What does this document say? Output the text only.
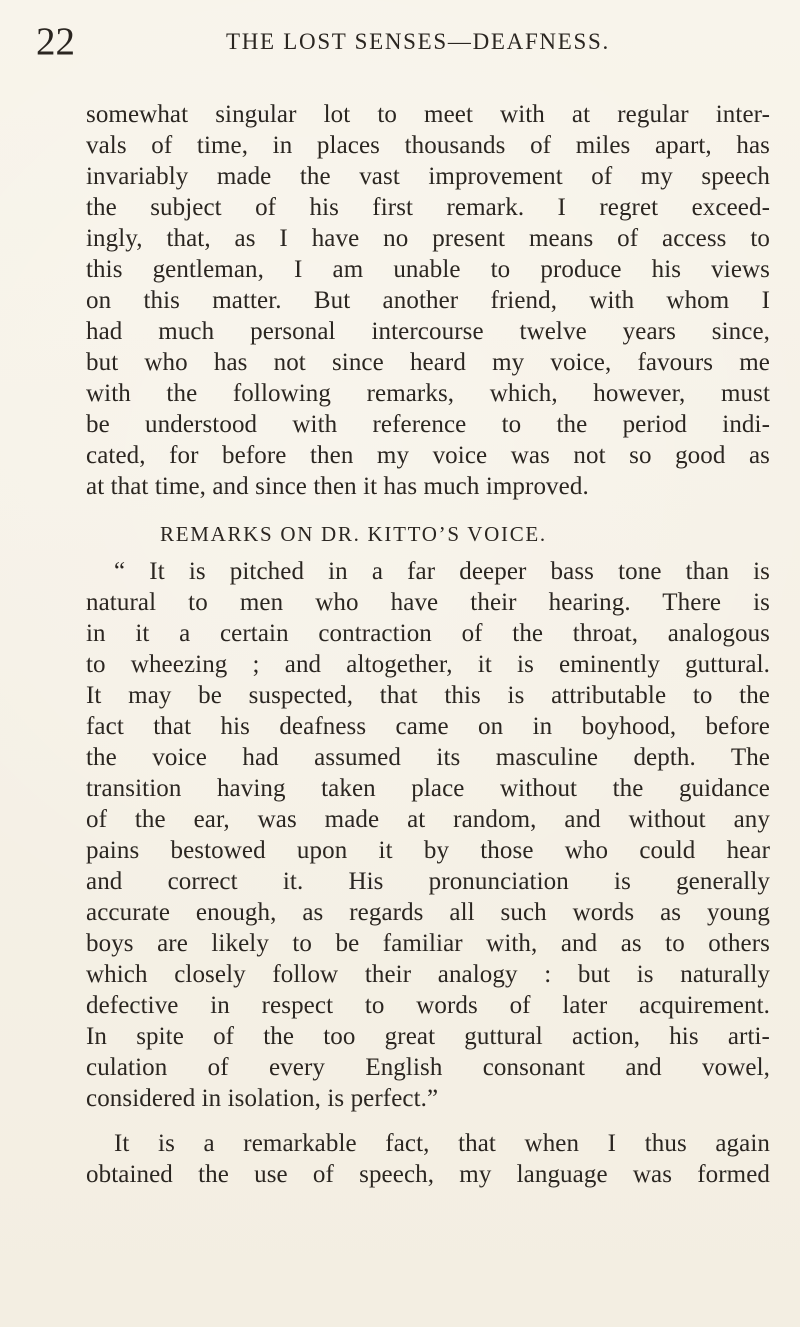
22	THE LOST SENSES—DEAFNESS.
somewhat singular lot to meet with at regular inter-
vals of time, in places thousands of miles apart, has
invariably made the vast improvement of my speech
the subject of his first remark. I regret exceed-
ingly, that, as I have no present means of access to
this gentleman, I am unable to produce his views
on this matter. But another friend, with whom I
had much personal intercourse twelve years since,
but who has not since heard my voice, favours me
with the following remarks, which, however, must
be understood with reference to the period indi-
cated, for before then my voice was not so good as
at that time, and since then it has much improved.
REMARKS ON DR. KITTO’S VOICE.
“ It is pitched in a far deeper bass tone than is
natural to men who have their hearing. There is
in it a certain contraction of the throat, analogous
to wheezing ; and altogether, it is eminently guttural.
It may be suspected, that this is attributable to the
fact that his deafness came on in boyhood, before
the voice had assumed its masculine depth. The
transition having taken place without the guidance
of the ear, was made at random, and without any
pains bestowed upon it by those who could hear
and correct it. His pronunciation is generally
accurate enough, as regards all such words as young
boys are likely to be familiar with, and as to others
which closely follow their analogy : but is naturally
defective in respect to words of later acquirement.
In spite of the too great guttural action, his arti-
culation of every English consonant and vowel,
considered in isolation, is perfect.”
It is a remarkable fact, that when I thus again
obtained the use of speech, my language was formed
